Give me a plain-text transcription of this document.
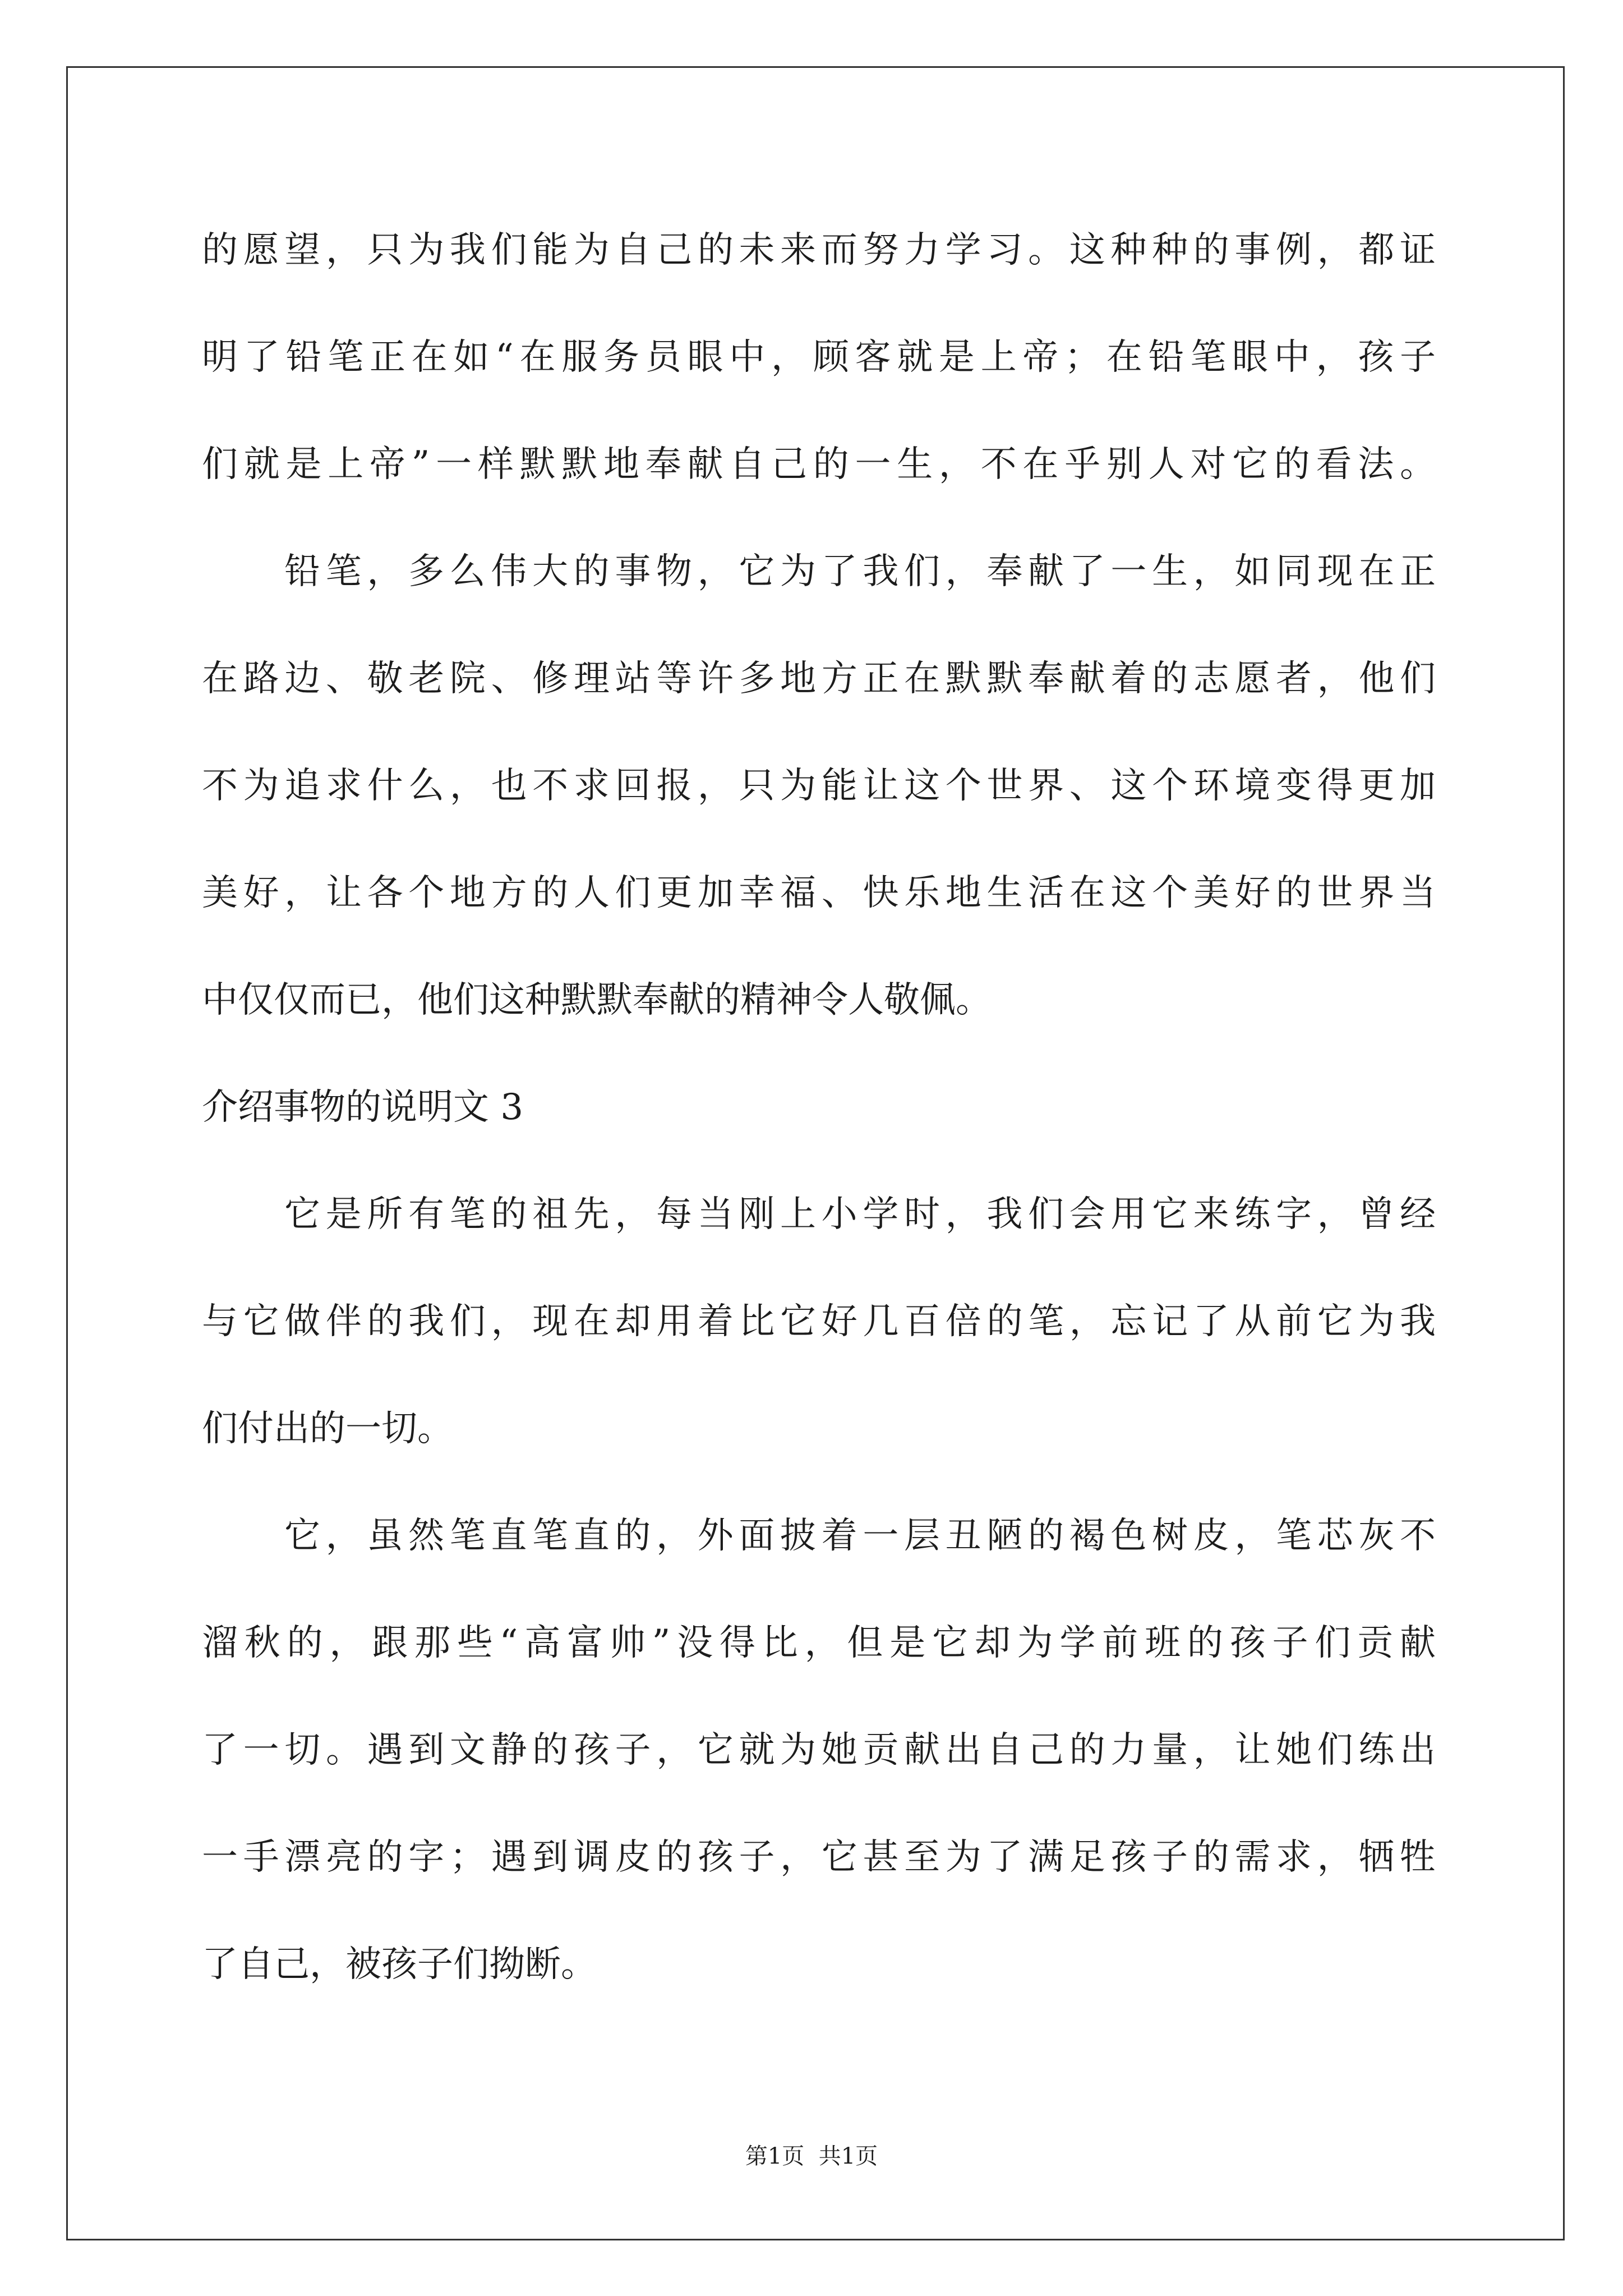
的愿望，只为我们能为自己的未来而努力学习。这种种的事例，都证
明了铅笔正在如“在服务员眼中，顾客就是上帝；在铅笔眼中，孩子
们就是上帝”一样默默地奉献自己的一生，不在乎别人对它的看法。
铅笔，多么伟大的事物，它为了我们，奉献了一生，如同现在正
在路边、敬老院、修理站等许多地方正在默默奉献着的志愿者，他们
不为追求什么，也不求回报，只为能让这个世界、这个环境变得更加
美好，让各个地方的人们更加幸福、快乐地生活在这个美好的世界当
中仅仅而已，他们这种默默奉献的精神令人敬佩。
介绍事物的说明文 3
它是所有笔的祖先，每当刚上小学时，我们会用它来练字，曾经
与它做伴的我们，现在却用着比它好几百倍的笔，忘记了从前它为我
们付出的一切。
它，虽然笔直笔直的，外面披着一层丑陋的褐色树皮，笔芯灰不
溜秋的，跟那些“高富帅”没得比，但是它却为学前班的孩子们贡献
了一切。遇到文静的孩子，它就为她贡献出自己的力量，让她们练出
一手漂亮的字；遇到调皮的孩子，它甚至为了满足孩子的需求，牺牲
了自己，被孩子们拗断。
第1页  共1页
